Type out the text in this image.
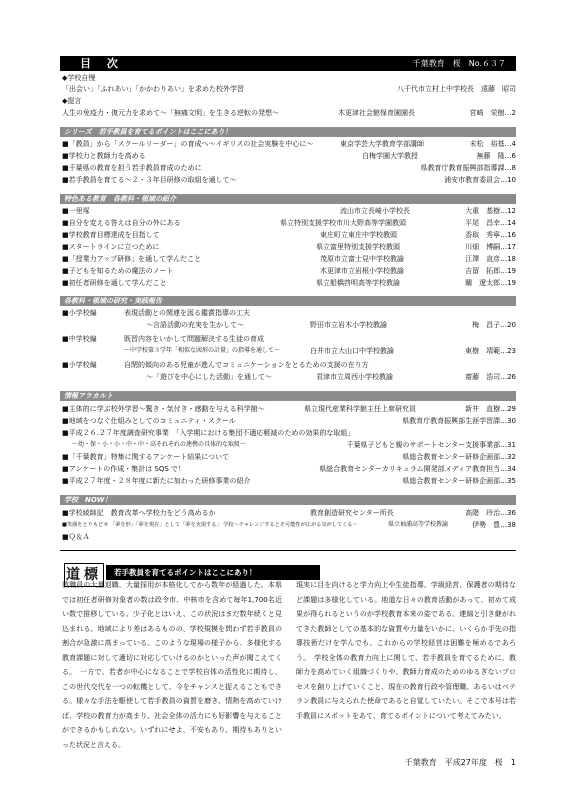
目 次	千葉教育　桜　No.６３７
◆学校自慢
「出会い」「ふれあい」「かかわりあい」を求めた校外学習	八千代市立村上中学校長　遠藤　昭司
◆提言
人生の免疫力・復元力を求めて～「無痛文明」を生きる逆転の発想～	木更津社会館保育園園長	宮崎　栄樹…2
シリーズ　若手教員を育てるポイントはここにあり！
■「教員」から「スクールリーダー」の育成へ～イギリスの社会実験を中心に～	東京学芸大学教育学部講師	末松　裕基…4
■学校力と教師力を高める	白梅学園大学教授	無藤　隆…6
■千葉県の教育を担う若手教員育成のために	県教育庁教育振興部指導課…8
■若手教員を育てる～２・３年目研修の取組を通して～	浦安市教育委員会…10
特色ある教育　各教科・領域の紹介
■一里塚	流山市立長崎小学校長	大重　基樹…12
■自分を変える答えは自分の外にある	県立特別支援学校市川大野高等学園教頭	平尾　昌幸…14
■学校教育目標達成を目指して	東庄町立東庄中学校教頭	香取　秀寧…16
■スタートラインに立つために	県立富里特別支援学校教頭	川畑　博嗣…17
■「授業力アップ研修」を通して学んだこと	茂原市立富士見中学校教諭	江澤　直彦…18
■子どもを知るための魔法のノート	木更津市立岩根小学校教諭	吉留　拓郎…19
■初任者研修を通して学んだこと	県立船橋啓明高等学校教諭	關　遼太郎…19
各教科・領域の研究・実践報告
■小学校編	表現活動との関連を図る鑑賞指導の工夫
～言語活動の充実を生かして～	野田市立岩木小学校教諭	梅　昌子…20
■中学校編	既習内容をいかして問題解決する生徒の育成
～中学校第３学年「相似な図形の計量」の指導を通して～	白井市立大山口中学校教諭	東樹　靖範…23
■小学校編	自閉的傾向のある児童が進んでコミュニケーションをとるための支援の在り方
～「遊びを中心にした活動」を通して～	君津市立周西小学校教諭	齋藤　浩司…26
情報アラカルト
■主体的に学ぶ校外学習～驚き・気付き・感動を与える科学館～	県立現代産業科学館主任上席研究員	新井　直樹…29
■地域をつなぐ仕組みとしてのコミュニティ・スクール	県教育庁教育振興部生涯学習課…30
■平成２６.２７年度調査研究事業　「入学期における集団不適応軽減のための効果的な取組」
～幼・保・小・小・中・中・高それぞれの連携の具体的な取組～	千葉県子どもと親のサポートセンター支援事業部…31
■「千葉教育」特集に関するアンケート結果について	県総合教育センター研修企画部…32
■アンケートの作成・集計は SQS で！	県総合教育センターカリキュラム開発部メディア教育担当…34
■平成２７年度・２８年度に新たに加わった研修事業の紹介	県総合教育センター研修企画部…35
学校　NOW！
■学校綾帥記　教育改革へ学校力をどう高めるか	教育創造研究センター所長	高階　玲治…36
■笑顔をとりもどせ 「夢を形」「夢を現在」として「夢を実現する」 学校～チャレンジするとそ可能性が広がる気がしてくる～	県立袖浦高等学校教諭	伊勢　豊…38
■Ｑ＆Ａ
道標 若手教員を育てるポイントはここにあり！
教職員の大量退職、大量採用が本格化してから数年が経過した。本県では初任者研修対象者の数は政令市、中核市を含めて毎年1,700名近い数で推移している。少子化とはいえ、この状況はまだ数年続くと見込まれる。地域により差はあるものの、学校規模を問わず若手教員の割合が急激に高まっている。このような現場の様子から、多様化する教育課題に対して適切に対応していけるのかといった声が聞こえてくる。　一方で、若者が中心になることで学校自体の活性化に期待し、この世代交代を一つの転機として、今をチャンスと捉えることもできる。様々な手法を駆使して若手教員の資質を磨き、情熱を高めていけば、学校の教育力が高まり、社会全体の活力にも好影響を与えることができるかもしれない。いずれにせよ、不安もあり、期待もありといった状況と言える。
現実に目を向けると学力向上や生徒指導、学級経営、保護者の期待など課題は多様化している。地道な日々の教育活動があって、初めて成果が得られるというのが学校教育本来の姿である。連綿と引き継がれてきた教師としての基本的な資質や力量をいかに、いくらか手先の指導技術だけを学んでも、これからの学校経営は困難を極めるであろう。　学校全体の教育力向上に関して、若手教員を育てるために、教師力を高めていく組織づくりや、教師力育成のためのゆるぎないプロセスを創り上げていくこと、現在の教育行政や管理職、あるいはベテラン教員に与えられた使命であると自覚していたい。そこで本号は若手教員にスポットをあて、育てるポイントについて考えてみたい。
千葉教育　平成27年度　桜　1
